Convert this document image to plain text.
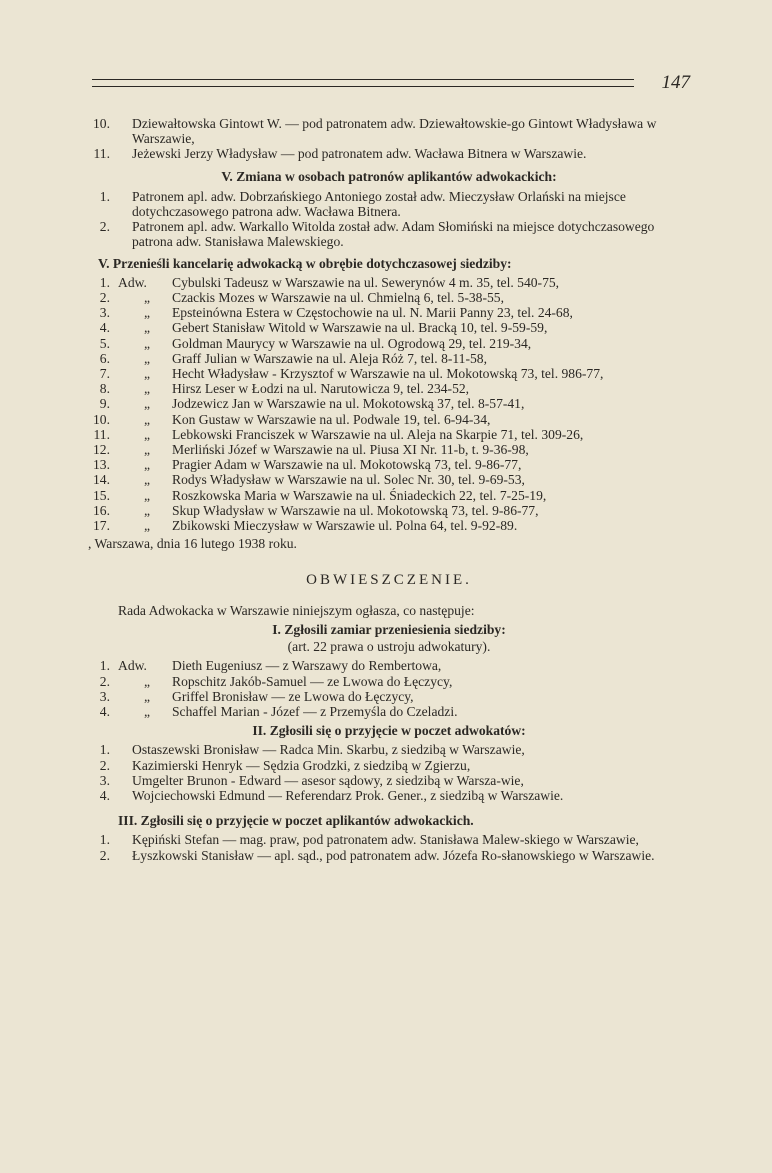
147
10. Dziewałtowska Gintowt W. — pod patronatem adw. Dziewałtowskie-go Gintowt Władysława w Warszawie,
11. Jeżewski Jerzy Władysław — pod patronatem adw. Wacława Bitnera w Warszawie.
V. Zmiana w osobach patronów aplikantów adwokackich:
1. Patronem apl. adw. Dobrzańskiego Antoniego został adw. Mieczysław Orlański na miejsce dotychczasowego patrona adw. Wacława Bitnera.
2. Patronem apl. adw. Warkallo Witolda został adw. Adam Słomiński na miejsce dotychczasowego patrona adw. Stanisława Malewskiego.
V. Przenieśli kancelarię adwokacką w obrębie dotychczasowej siedziby:
1. Adw. Cybulski Tadeusz w Warszawie na ul. Sewerynów 4 m. 35, tel. 540-75,
2.	„ Czackis Mozes w Warszawie na ul. Chmielną 6, tel. 5-38-55,
3.	„ Epsteinówna Estera w Częstochowie na ul. N. Marii Panny 23, tel. 24-68,
4.	„ Gebert Stanisław Witold w Warszawie na ul. Bracką 10, tel. 9-59-59,
5.	„ Goldman Maurycy w Warszawie na ul. Ogrodową 29, tel. 219-34,
6.	„ Graff Julian w Warszawie na ul. Aleja Róż 7, tel. 8-11-58,
7.	„ Hecht Władysław - Krzysztof w Warszawie na ul. Mokotowską 73, tel. 986-77,
8.	„ Hirsz Leser w Łodzi na ul. Narutowicza 9, tel. 234-52,
9.	„ Jodzewicz Jan w Warszawie na ul. Mokotowską 37, tel. 8-57-41,
10.	„ Kon Gustaw w Warszawie na ul. Podwale 19, tel. 6-94-34,
11.	„ Lebkowski Franciszek w Warszawie na ul. Aleja na Skarpie 71, tel. 309-26,
12.	„ Merliński Józef w Warszawie na ul. Piusa XI Nr. 11-b, t. 9-36-98,
13.	„ Pragier Adam w Warszawie na ul. Mokotowską 73, tel. 9-86-77,
14.	„ Rodys Władysław w Warszawie na ul. Solec Nr. 30, tel. 9-69-53,
15.	„ Roszkowska Maria w Warszawie na ul. Śniadeckich 22, tel. 7-25-19,
16.	„ Skup Władysław w Warszawie na ul. Mokotowską 73, tel. 9-86-77,
17.	„ Zbikowski Mieczysław w Warszawie ul. Polna 64, tel. 9-92-89.
, Warszawa, dnia 16 lutego 1938 roku.
OBWIESZCZENIE.
Rada Adwokacka w Warszawie niniejszym ogłasza, co następuje:
I. Zgłosili zamiar przeniesienia siedziby:
(art. 22 prawa o ustroju adwokatury).
1. Adw. Dieth Eugeniusz — z Warszawy do Rembertowa,
2.	„ Ropschitz Jakób-Samuel — ze Lwowa do Łęczycy,
3.	„ Griffel Bronisław — ze Lwowa do Łęczycy,
4.	„ Schaffel Marian - Józef — z Przemyśla do Czeladzi.
II. Zgłosili się o przyjęcie w poczet adwokatów:
1. Ostaszewski Bronisław — Radca Min. Skarbu, z siedzibą w Warszawie,
2. Kazimierski Henryk — Sędzia Grodzki, z siedzibą w Zgierzu,
3. Umgelter Brunon - Edward — asesor sądowy, z siedzibą w Warsza-wie,
4. Wojciechowski Edmund — Referendarz Prok. Gener., z siedzibą w Warszawie.
III. Zgłosili się o przyjęcie w poczet aplikantów adwokackich.
1. Kępiński Stefan — mag. praw, pod patronatem adw. Stanisława Malew-skiego w Warszawie,
2. Łyszkowski Stanisław — apl. sąd., pod patronatem adw. Józefa Ro-słanowskiego w Warszawie.
